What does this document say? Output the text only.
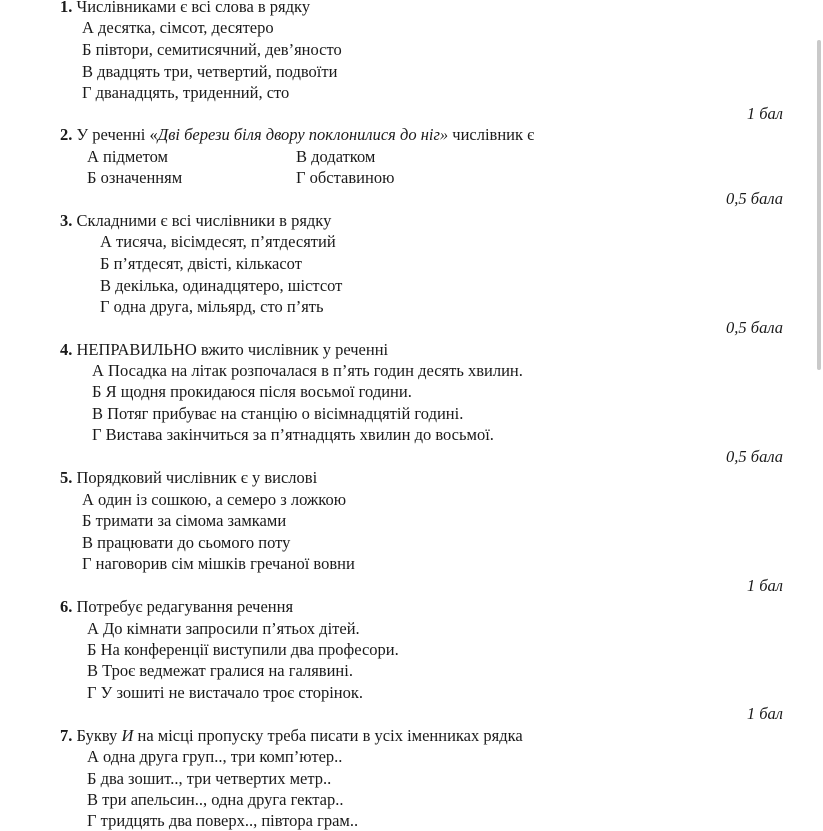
1. Числівниками є всі слова в рядку
А десятка, сімсот, десятеро
Б півтори, семитисячний, дев’яносто
В двадцять три, четвертий, подвоїти
Г дванадцять, триденний, сто
1 бал
2. У реченні «Дві берези біля двору поклонилися до ніг» числівник є
А підметом
Б означенням
В додатком
Г обставиною
0,5 бала
3. Складними є всі числівники в рядку
А тисяча, вісімдесят, п’ятдесятий
Б п’ятдесят, двісті, кількасот
В декілька, одинадцятеро, шістсот
Г одна друга, мільярд, сто п’ять
0,5 бала
4. НЕПРАВИЛЬНО вжито числівник у реченні
А Посадка на літак розпочалася в п’ять годин десять хвилин.
Б Я щодня прокидаюся після восьмої години.
В Потяг прибуває на станцію о вісімнадцятій годині.
Г Вистава закінчиться за п’ятнадцять хвилин до восьмої.
0,5 бала
5. Порядковий числівник є у вислові
А один із сошкою, а семеро з ложкою
Б тримати за сімома замками
В працювати до сьомого поту
Г наговорив сім мішків гречаної вовни
1 бал
6. Потребує редагування речення
А До кімнати запросили п’ятьох дітей.
Б На конференції виступили два професори.
В Троє ведмежат гралися на галявині.
Г У зошиті не вистачало троє сторінок.
1 бал
7. Букву И на місці пропуску треба писати в усіх іменниках рядка
А одна друга груп.., три комп’ютер..
Б два зошит.., три четвертих метр..
В три апельсин.., одна друга гектар..
Г тридцять два поверх.., півтора грам..
